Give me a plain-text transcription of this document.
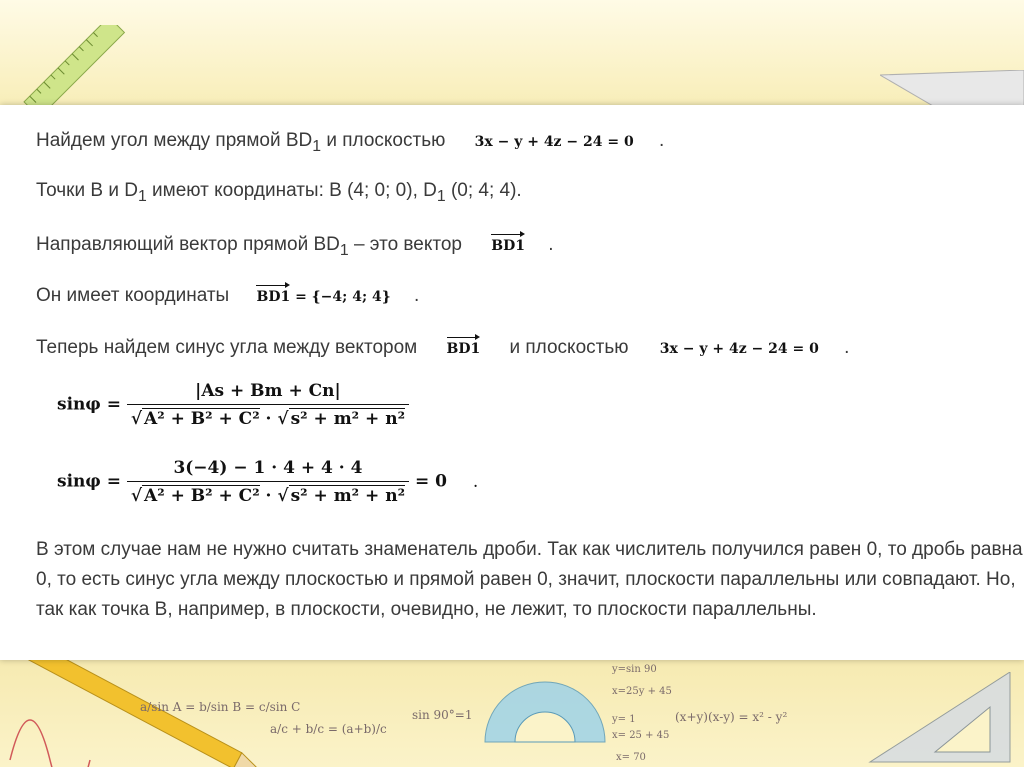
a/sin A = b/sin B = c/sin C
a/c + b/c = (a+b)/c
sin 90°=1
y=sin 90
x=25y + 45
y= 1
x= 25 + 45
x= 70
(x+y)(x-y) = x² - y²
Найдем угол между прямой $BD_1$ и плоскостью 3x − y + 4z − 24 = 0 .
Точки В и $D_1$ имеют координаты: В (4; 0; 0), $D_1$ (0; 4; 4).
Направляющий вектор прямой $BD_1$ – это вектор BD1 .
Он имеет координаты BD1 = {−4; 4; 4} .
Теперь найдем синус угла между вектором BD1 и плоскостью 3x − y + 4z − 24 = 0 .
$\sin\varphi = \frac{|As + Bm + Cn|}{\text{√ A² + B² + C² · √ s² + m² + n²}}$
$\sin\varphi = \frac{3(-4) - 1 \cdot 4 + 4 \cdot 4}{\text{√ A² + B² + C² · √ s² + m² + n²}} = 0$ .
В этом случае нам не нужно считать знаменатель дроби. Так как числитель получился равен 0, то дробь равна 0, то есть синус угла между плоскостью и прямой равен 0, значит, плоскости параллельны или совпадают. Но, так как точка В, например, в плоскости, очевидно, не лежит, то плоскости параллельны.
